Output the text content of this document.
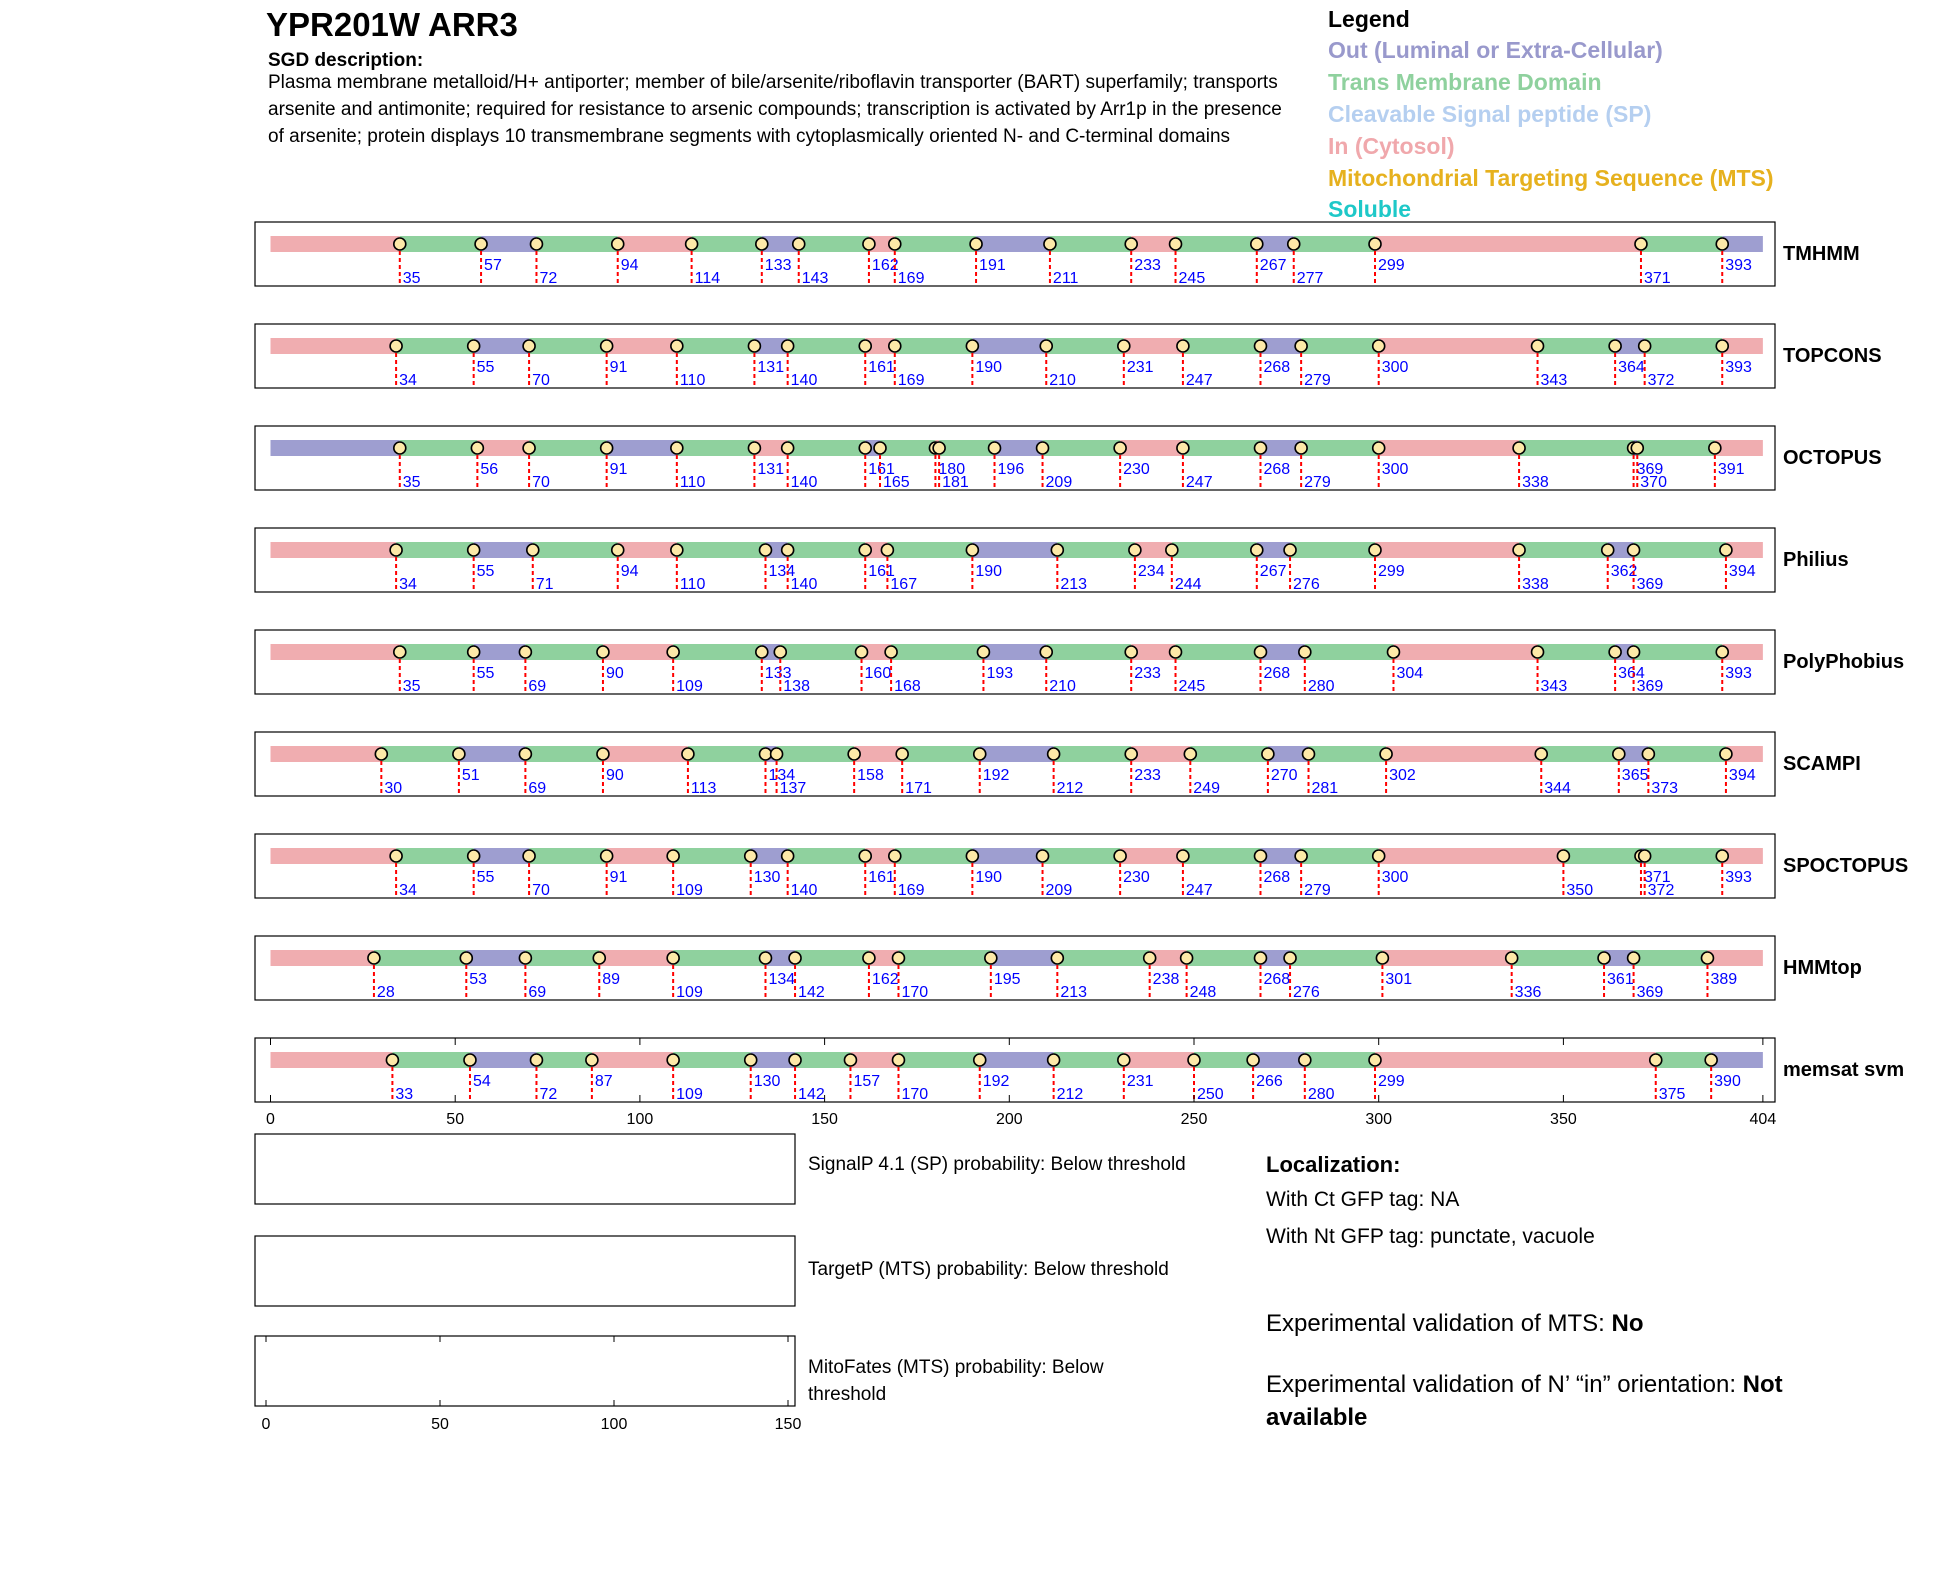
YPR201W ARR3
SGD description:
Plasma membrane metalloid/H+ antiporter; member of bile/arsenite/riboflavin transporter (BART) superfamily; transports arsenite and antimonite; required for resistance to arsenic compounds; transcription is activated by Arr1p in the presence of arsenite; protein displays 10 transmembrane segments with cytoplasmically oriented N- and C-terminal domains
Legend
Out (Luminal or Extra-Cellular)
Trans Membrane Domain
Cleavable Signal peptide (SP)
In (Cytosol)
Mitochondrial Targeting Sequence (MTS)
Soluble
35
57
72
94
114
133
143
162
169
191
211
233
245
267
277
299
371
393
TMHMM
34
55
70
91
110
131
140
161
169
190
210
231
247
268
279
300
343
364
372
393
TOPCONS
35
56
70
91
110
131
140
161
165
180
181
196
209
230
247
268
279
300
338
369
370
391
OCTOPUS
34
55
71
94
110
134
140
161
167
190
213
234
244
267
276
299
338
362
369
394
Philius
35
55
69
90
109
133
138
160
168
193
210
233
245
268
280
304
343
364
369
393
PolyPhobius
30
51
69
90
113
134
137
158
171
192
212
233
249
270
281
302
344
365
373
394
SCAMPI
34
55
70
91
109
130
140
161
169
190
209
230
247
268
279
300
350
371
372
393
SPOCTOPUS
28
53
69
89
109
134
142
162
170
195
213
238
248
268
276
301
336
361
369
389
HMMtop
33
54
72
87
109
130
142
157
170
192
212
231
250
266
280
299
375
390
memsat svm
0	50	100	150	200	250	300	350	404
0	50	100	150
SignalP 4.1 (SP) probability: Below threshold
TargetP (MTS) probability: Below threshold
MitoFates (MTS) probability: Below threshold
Localization:
With Ct GFP tag: NA
With Nt GFP tag: punctate, vacuole
Experimental validation of MTS: No
Experimental validation of N’ “in” orientation: Not available
